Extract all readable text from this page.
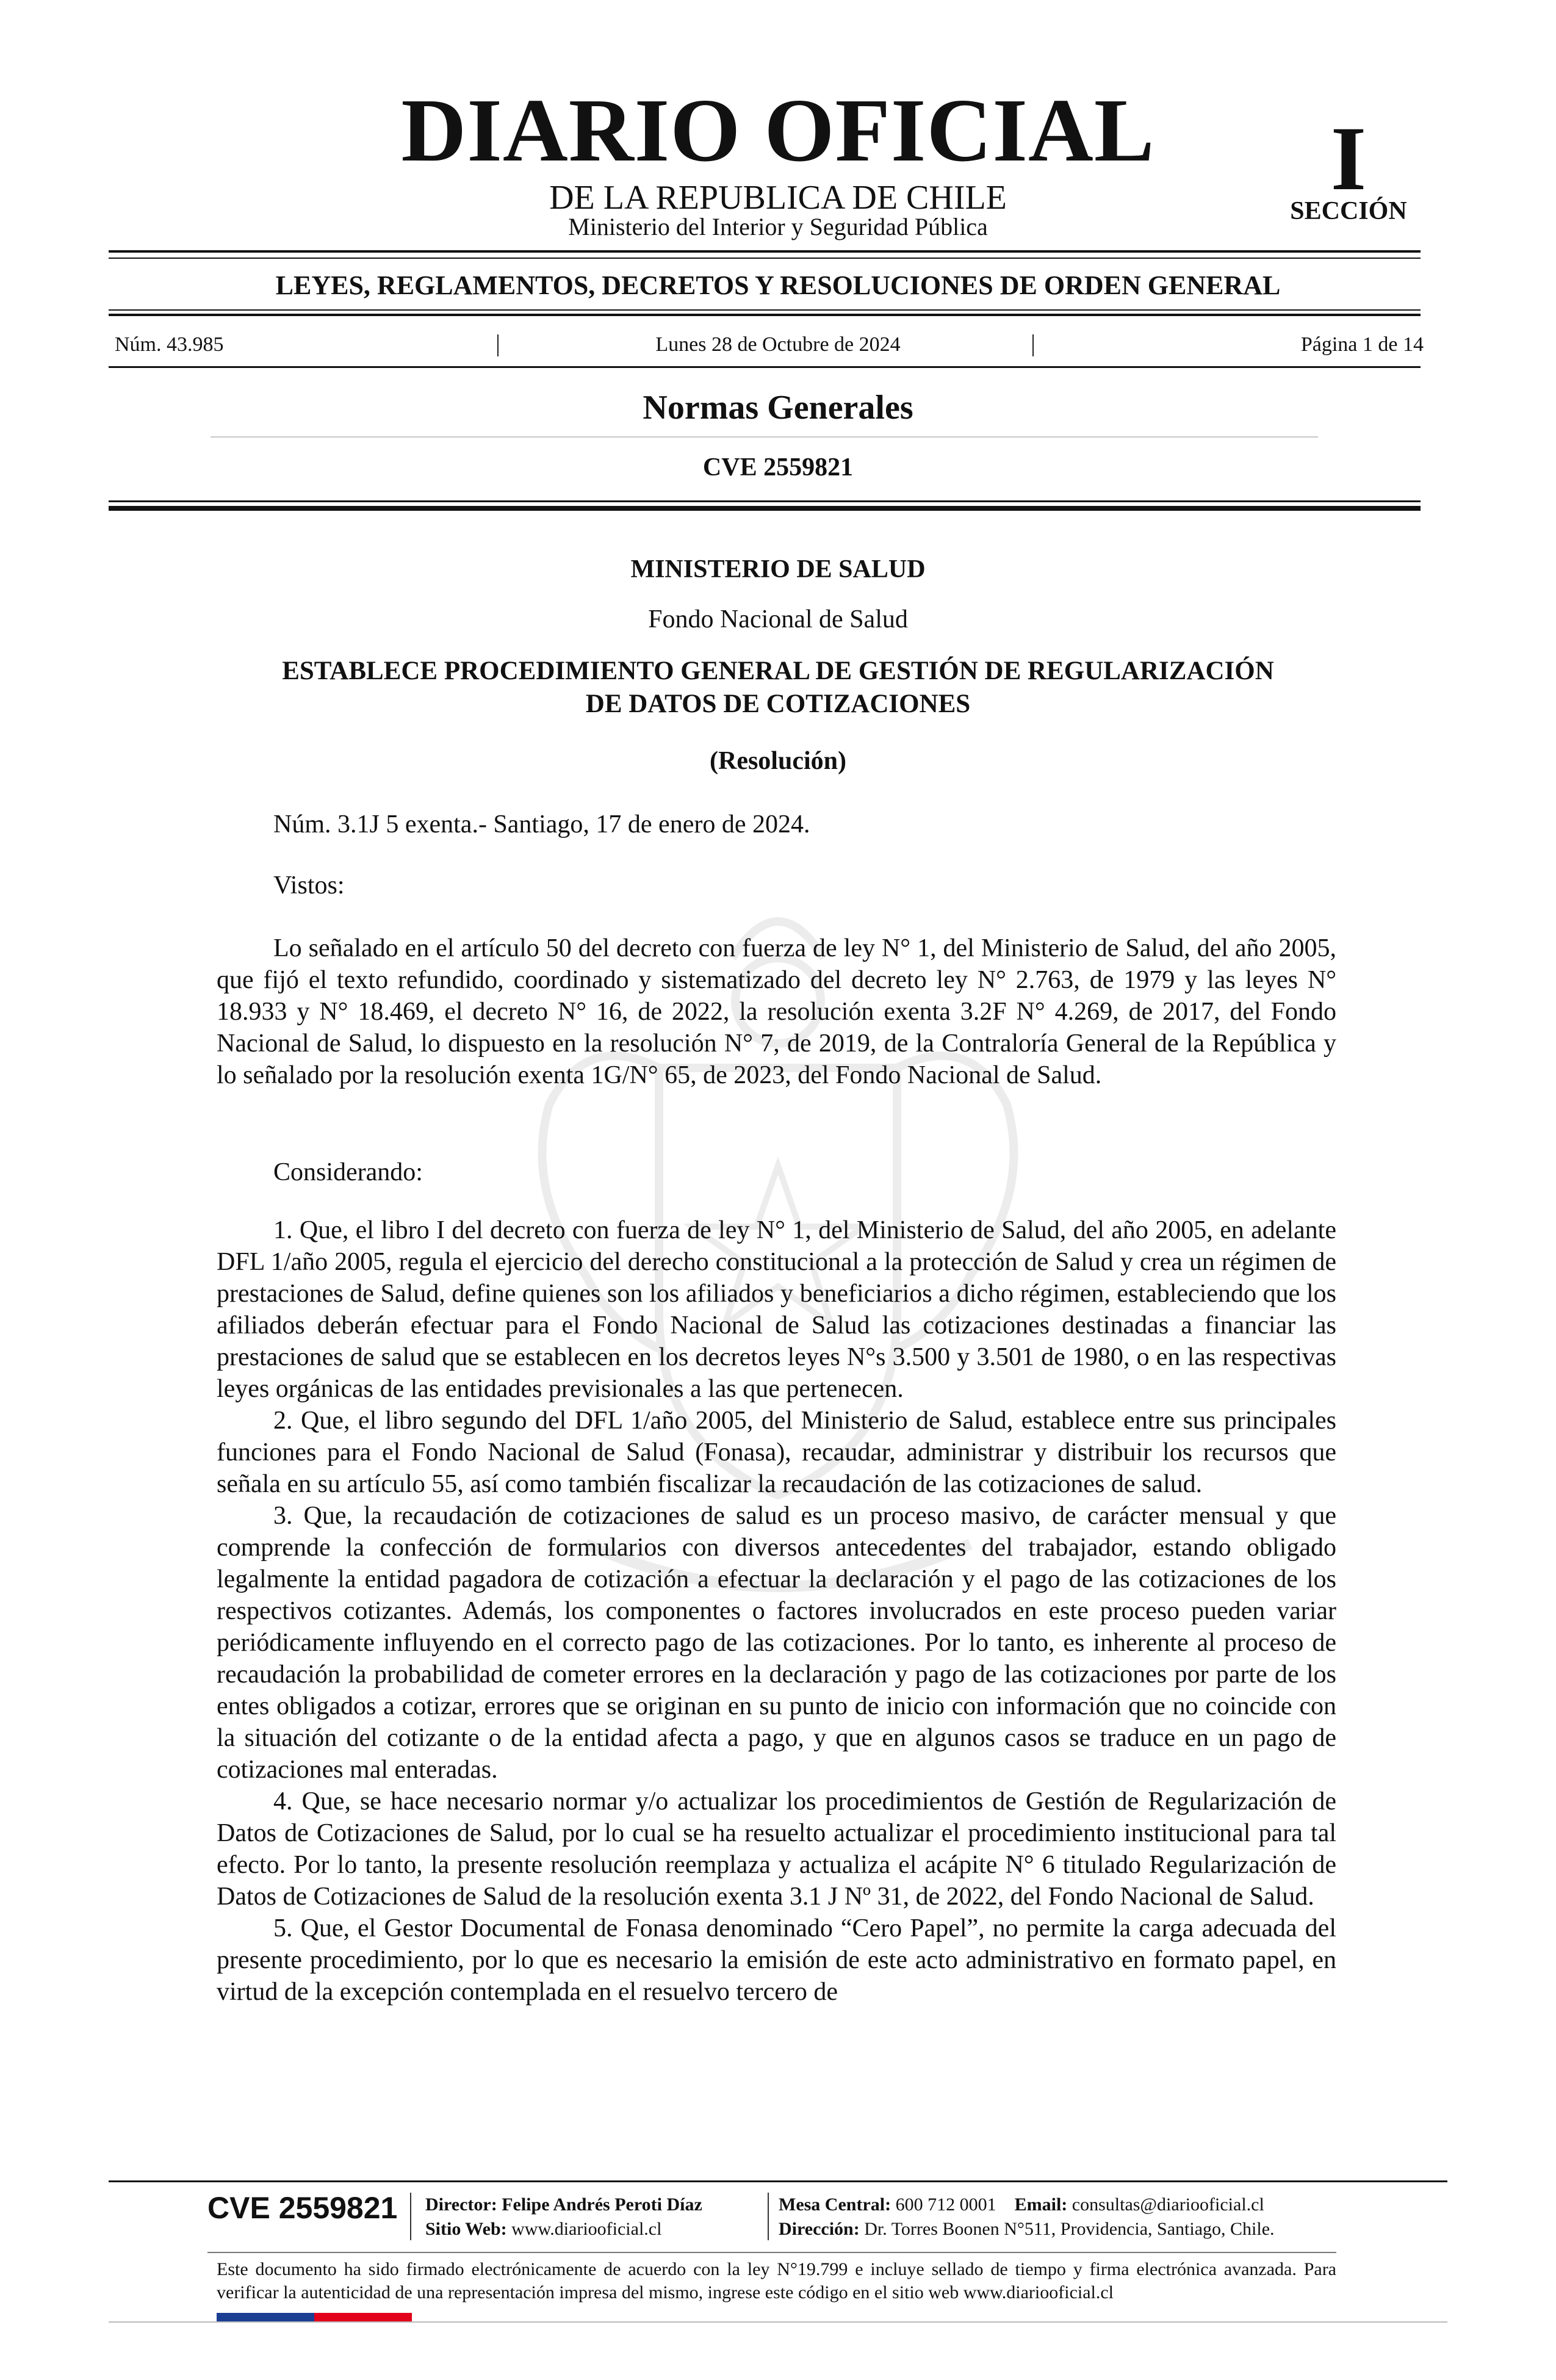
DIARIO OFICIAL
DE LA REPUBLICA DE CHILE
Ministerio del Interior y Seguridad Pública
I
SECCIÓN
LEYES, REGLAMENTOS, DECRETOS Y RESOLUCIONES DE ORDEN GENERAL
Núm. 43.985	Lunes 28 de Octubre de 2024	Página 1 de 14
Normas Generales
CVE 2559821
MINISTERIO DE SALUD
Fondo Nacional de Salud
ESTABLECE PROCEDIMIENTO GENERAL DE GESTIÓN DE REGULARIZACIÓN
DE DATOS DE COTIZACIONES
(Resolución)
Núm. 3.1J 5 exenta.- Santiago, 17 de enero de 2024.
Vistos:

Lo señalado en el artículo 50 del decreto con fuerza de ley N° 1, del Ministerio de Salud, del año 2005, que fijó el texto refundido, coordinado y sistematizado del decreto ley N° 2.763, de 1979 y las leyes N° 18.933 y N° 18.469, el decreto N° 16, de 2022, la resolución exenta 3.2F N° 4.269, de 2017, del Fondo Nacional de Salud, lo dispuesto en la resolución N° 7, de 2019, de la Contraloría General de la República y lo señalado por la resolución exenta 1G/N° 65, de 2023, del Fondo Nacional de Salud.

Considerando:

1. Que, el libro I del decreto con fuerza de ley N° 1, del Ministerio de Salud, del año 2005, en adelante DFL 1/año 2005, regula el ejercicio del derecho constitucional a la protección de Salud y crea un régimen de prestaciones de Salud, define quienes son los afiliados y beneficiarios a dicho régimen, estableciendo que los afiliados deberán efectuar para el Fondo Nacional de Salud las cotizaciones destinadas a financiar las prestaciones de salud que se establecen en los decretos leyes N°s 3.500 y 3.501 de 1980, o en las respectivas leyes orgánicas de las entidades previsionales a las que pertenecen.

2. Que, el libro segundo del DFL 1/año 2005, del Ministerio de Salud, establece entre sus principales funciones para el Fondo Nacional de Salud (Fonasa), recaudar, administrar y distribuir los recursos que señala en su artículo 55, así como también fiscalizar la recaudación de las cotizaciones de salud.

3. Que, la recaudación de cotizaciones de salud es un proceso masivo, de carácter mensual y que comprende la confección de formularios con diversos antecedentes del trabajador, estando obligado legalmente la entidad pagadora de cotización a efectuar la declaración y el pago de las cotizaciones de los respectivos cotizantes. Además, los componentes o factores involucrados en este proceso pueden variar periódicamente influyendo en el correcto pago de las cotizaciones. Por lo tanto, es inherente al proceso de recaudación la probabilidad de cometer errores en la declaración y pago de las cotizaciones por parte de los entes obligados a cotizar, errores que se originan en su punto de inicio con información que no coincide con la situación del cotizante o de la entidad afecta a pago, y que en algunos casos se traduce en un pago de cotizaciones mal enteradas.

4. Que, se hace necesario normar y/o actualizar los procedimientos de Gestión de Regularización de Datos de Cotizaciones de Salud, por lo cual se ha resuelto actualizar el procedimiento institucional para tal efecto. Por lo tanto, la presente resolución reemplaza y actualiza el acápite N° 6 titulado Regularización de Datos de Cotizaciones de Salud de la resolución exenta 3.1 J Nº 31, de 2022, del Fondo Nacional de Salud.

5. Que, el Gestor Documental de Fonasa denominado “Cero Papel”, no permite la carga adecuada del presente procedimiento, por lo que es necesario la emisión de este acto administrativo en formato papel, en virtud de la excepción contemplada en el resuelvo tercero de

CVE 2559821 Director: Felipe Andrés Peroti Díaz
Sitio Web: www.diariooficial.cl
Mesa Central: 600 712 0001 Email: consultas@diariooficial.cl
Dirección: Dr. Torres Boonen N°511, Providencia, Santiago, Chile.
Este documento ha sido firmado electrónicamente de acuerdo con la ley N°19.799 e incluye sellado de tiempo y firma electrónica avanzada. Para verificar la autenticidad de una representación impresa del mismo, ingrese este código en el sitio web www.diariooficial.cl
